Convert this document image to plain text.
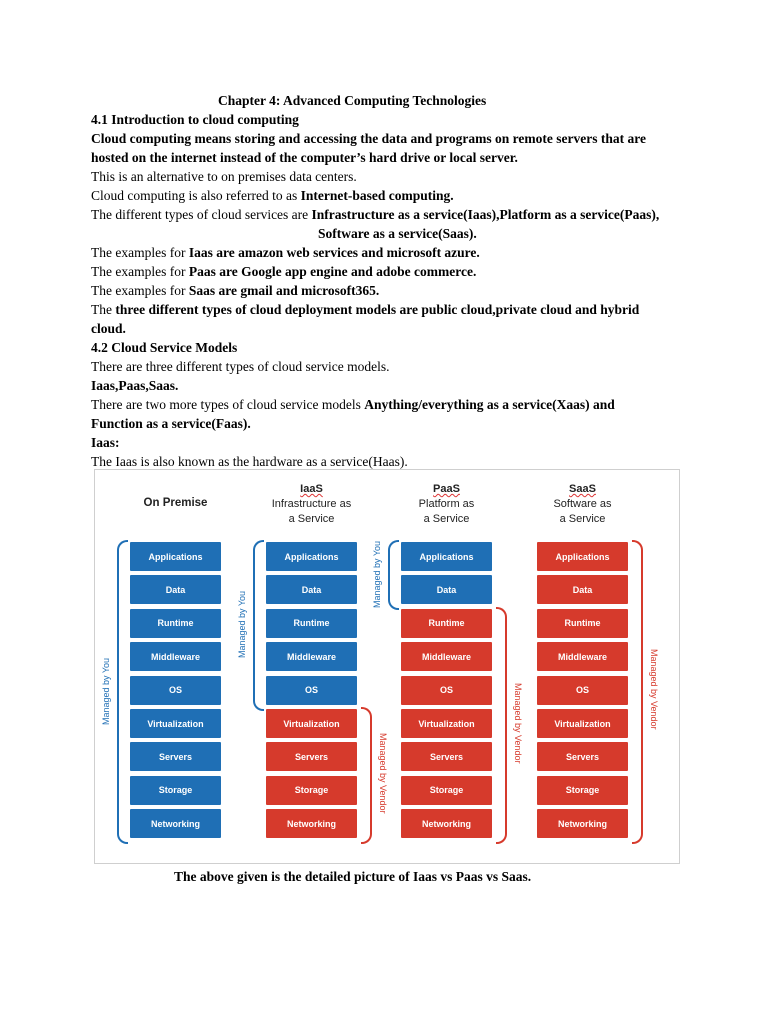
Chapter 4: Advanced Computing Technologies
4.1 Introduction to cloud computing
Cloud computing means storing and accessing the data and programs on remote servers that are
hosted on the internet instead of the computer’s hard drive or local server.
This is an alternative to on premises data centers.
Cloud computing is also referred to as Internet-based computing.
The different types of cloud services are Infrastructure as a service(Iaas),Platform as a service(Paas),
Software as a service(Saas).
The examples for Iaas are amazon web services and microsoft azure.
The examples for Paas are Google app engine and adobe commerce.
The examples for Saas are gmail and microsoft365.
The three different types of cloud deployment models are public cloud,private cloud and hybrid
cloud.
4.2 Cloud Service Models
There are three different types of cloud service models.
Iaas,Paas,Saas.
There are two more types of cloud service models Anything/everything as a service(Xaas) and
Function as a service(Faas).
Iaas:
The Iaas is also known as the hardware as a service(Haas).
On Premise
Applications
Data
Runtime
Middleware
OS
Virtualization
Servers
Storage
Networking
Managed by You
IaaS
Infrastructure as
a Service
Applications
Data
Runtime
Middleware
OS
Virtualization
Servers
Storage
Networking
Managed by You
Managed by Vendor
PaaS
Platform as
a Service
Applications
Data
Runtime
Middleware
OS
Virtualization
Servers
Storage
Networking
Managed by You
Managed by Vendor
SaaS
Software as
a Service
Applications
Data
Runtime
Middleware
OS
Virtualization
Servers
Storage
Networking
Managed by Vendor
The above given is the detailed picture of Iaas vs Paas vs Saas.
